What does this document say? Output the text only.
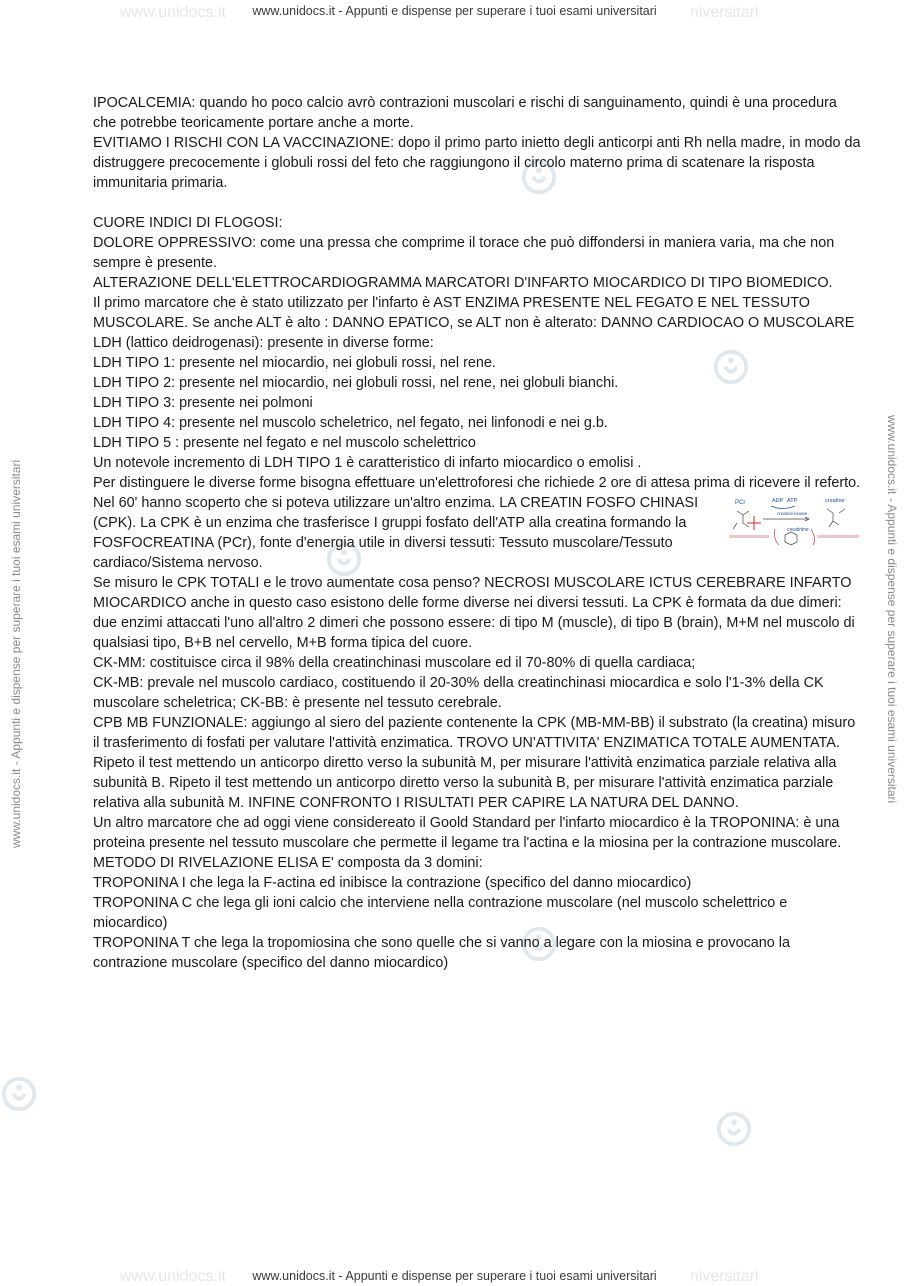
www.unidocs.it	niversitari
www.unidocs.it - Appunti e dispense per superare i tuoi esami universitari
www.unidocs.it - Appunti e dispense per superare i tuoi esami universitari	www.unidocs.it - Appunti e dispense per superare i tuoi esami universitari
www.unidocs.it	niversitari
www.unidocs.it - Appunti e dispense per superare i tuoi esami universitari

IPOCALCEMIA: quando ho poco calcio avrò contrazioni muscolari e rischi di sanguinamento, quindi è una procedura che potrebbe teoricamente portare anche a morte.

EVITIAMO I RISCHI CON LA VACCINAZIONE: dopo il primo parto iniett​o degli anticorpi anti Rh nella madre, in modo da distruggere precocemente i globuli rossi del feto che raggiungono il circolo materno prima di scatenare la risposta immunitaria primaria.

CUORE INDICI DI FLOGOSI:

DOLORE OPPRESSIVO: come una pressa che comprime il torace che può diffondersi in maniera varia, ma che non sempre è presente.

ALTERAZIONE DELL'ELETTROCARDIOGRAMMA MARCATORI D'INFARTO MIOCARDICO DI TIPO BIOMEDICO.

Il primo marcatore che è stato utilizzato per l'infarto è AST ENZIMA PRESENTE NEL FEGATO E NEL TESSUTO MUSCOLARE. Se anche ALT è alto : DANNO EPATICO, se ALT non è alterato: DANNO CARDIOCAO O MUSCOLARE

LDH (lattico deidrogenasi): presente in diverse forme:

LDH TIPO 1: presente nel miocardio, nei globuli rossi, nel rene.

LDH TIPO 2: presente nel miocardio, nei globuli rossi, nel rene, nei globuli bianchi.

LDH TIPO 3: presente nei polmoni

LDH TIPO 4: presente nel muscolo scheletrico, nel fegato, nei linfonodi e nei g.b.

LDH TIPO 5 : presente nel fegato e nel muscolo schelettrico

Un notevole incremento di LDH TIPO 1 è caratteristico di infarto miocardico o emolisi .

Per distinguere le diverse forme bisogna effettuare un'elettroforesi che richiede 2 ore di attesa prima di ricevere il referto.

PCr	ADP ATP	creatine
creatine kinase
creatinine

Nel 60' hanno scoperto che si poteva utilizzare un'altro enzima. LA CREATIN FOSFO CHINASI (CPK). La CPK è un enzima che trasferisce I gruppi fosfato dell'ATP alla creatina formando la FOSFOCREATINA (PCr), fonte d'energia utile in diversi tessuti: Tessuto muscolare/Tessuto cardiaco/Sistema nervoso.

Se misuro le CPK TOTALI e le trovo aumentate cosa penso? NECROSI MUSCOLARE ICTUS CEREBRARE INFARTO MIOCARDICO anche in questo caso esistono delle forme diverse nei diversi tessuti. La CPK è formata da due dimeri: due enzimi attaccati l'uno all'altro 2 dimeri che possono essere: di tipo M (muscle), di tipo B (brain), M+M nel muscolo di qualsiasi tipo, B+B nel cervello, M+B forma tipica del cuore.

CK-MM: costituisce circa il 98% della creatinchinasi muscolare ed il 70-80% di quella cardiaca;

CK-MB: prevale nel muscolo cardiaco, costituendo il 20-30% della creatinchinasi miocardica e solo l'1-3% della CK muscolare scheletrica; CK-BB: è presente nel tessuto cerebrale.

CPB MB FUNZIONALE: aggiungo al siero del paziente contenente la CPK (MB-MM-BB) il substrato (la creatina) misuro il trasferimento di fosfati per valutare l'attività enzimatica. TROVO UN'ATTIVITA' ENZIMATICA TOTALE AUMENTATA.

Ripeto il test mettendo un anticorpo diretto verso la subunità M, per misurare l'attività enzimatica parziale relativa alla subunità B. Ripeto il test mettendo un anticorpo diretto verso la subunità B, per misurare l'attività enzimatica parziale relativa alla subunità M. INFINE CONFRONTO I RISULTATI PER CAPIRE LA NATURA DEL DANNO.

Un altro marcatore che ad oggi viene considereato il Goold Standard per l'infarto miocardico è la TROPONINA: è una proteina presente nel tessuto muscolare che permette il legame tra l'actina e la miosina per la contrazione muscolare.

METODO DI RIVELAZIONE ELISA E' composta da 3 domini:

TROPONINA I che lega la F-actina ed inibisce la contrazione (specifico del danno miocardico)

TROPONINA C che lega gli ioni calcio che interviene nella contrazione muscolare (nel muscolo schelettrico e miocardico)

TROPONINA T che lega la tropomiosina che sono quelle che si vanno a legare con la miosina e provocano la contrazione muscolare (specifico del danno miocardico)
